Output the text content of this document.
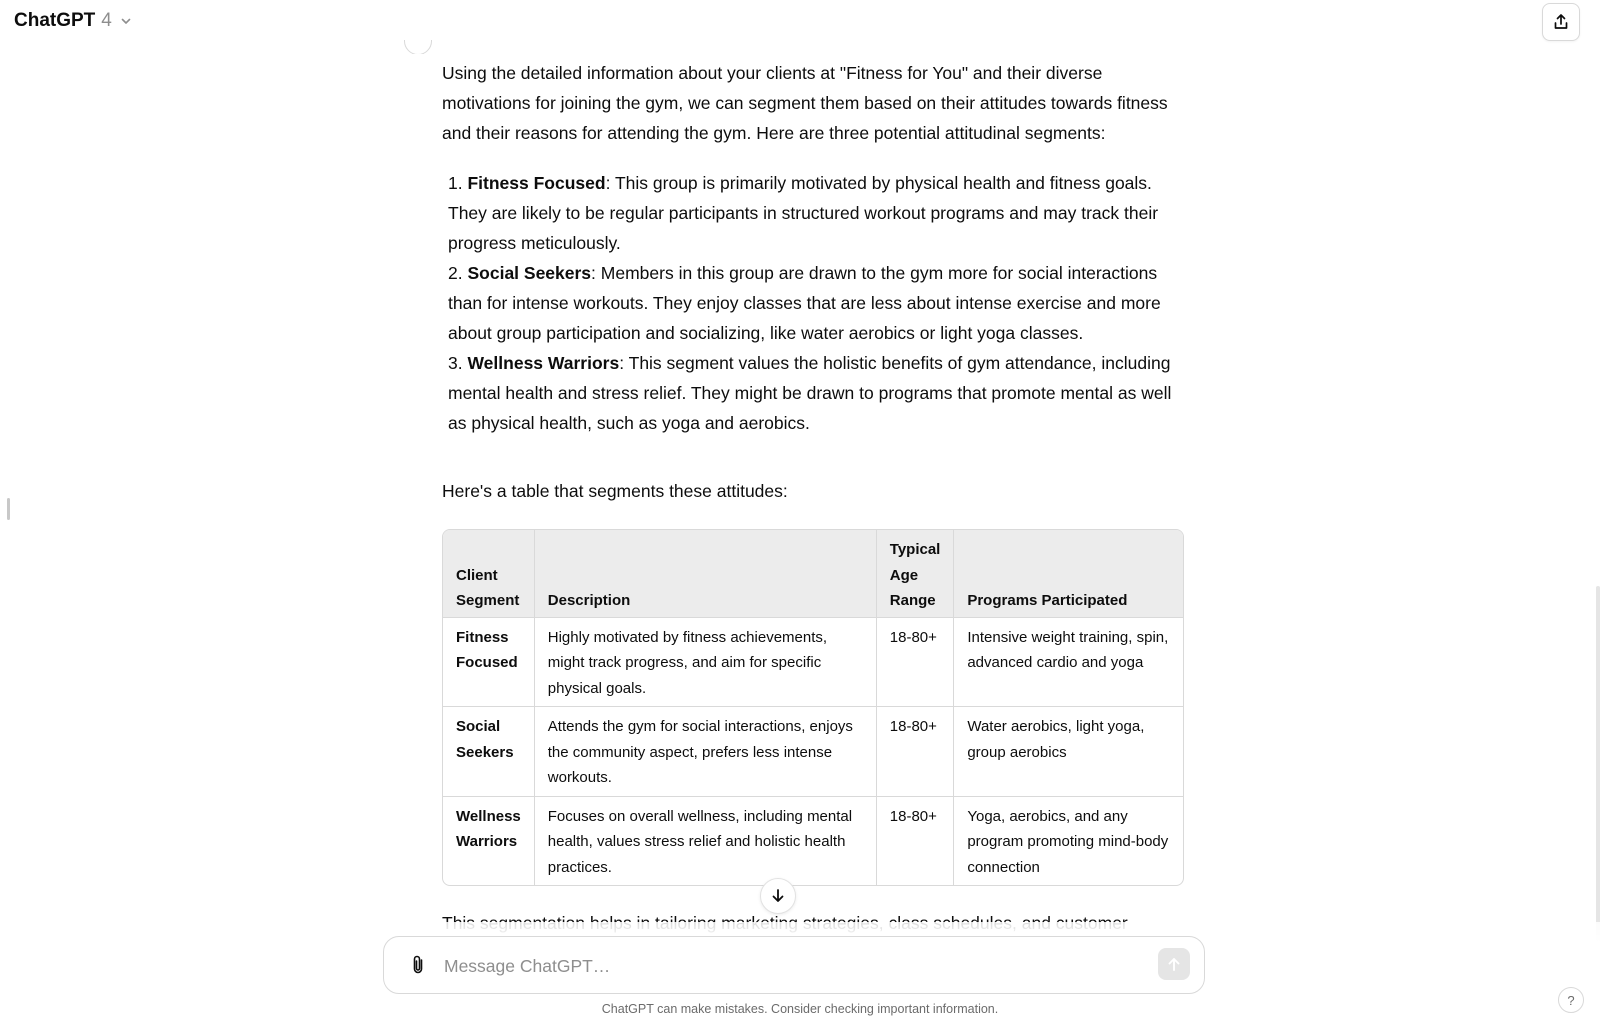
ChatGPT 4

Using the detailed information about your clients at "Fitness for You" and their diverse motivations for joining the gym, we can segment them based on their attitudes towards fitness and their reasons for attending the gym. Here are three potential attitudinal segments:

1. Fitness Focused: This group is primarily motivated by physical health and fitness goals. They are likely to be regular participants in structured workout programs and may track their progress meticulously.
2. Social Seekers: Members in this group are drawn to the gym more for social interactions than for intense workouts. They enjoy classes that are less about intense exercise and more about group participation and socializing, like water aerobics or light yoga classes.
3. Wellness Warriors: This segment values the holistic benefits of gym attendance, including mental health and stress relief. They might be drawn to programs that promote mental as well as physical health, such as yoga and aerobics.

Here's a table that segments these attitudes:

Client Segment	Description	Typical Age Range	Programs Participated
Fitness Focused	Highly motivated by fitness achievements, might track progress, and aim for specific physical goals.	18-80+	Intensive weight training, spin, advanced cardio and yoga
Social Seekers	Attends the gym for social interactions, enjoys the community aspect, prefers less intense workouts.	18-80+	Water aerobics, light yoga, group aerobics
Wellness Warriors	Focuses on overall wellness, including mental health, values stress relief and holistic health practices.	18-80+	Yoga, aerobics, and any program promoting mind-body connection

Message ChatGPT…
ChatGPT can make mistakes. Consider checking important information.
?
